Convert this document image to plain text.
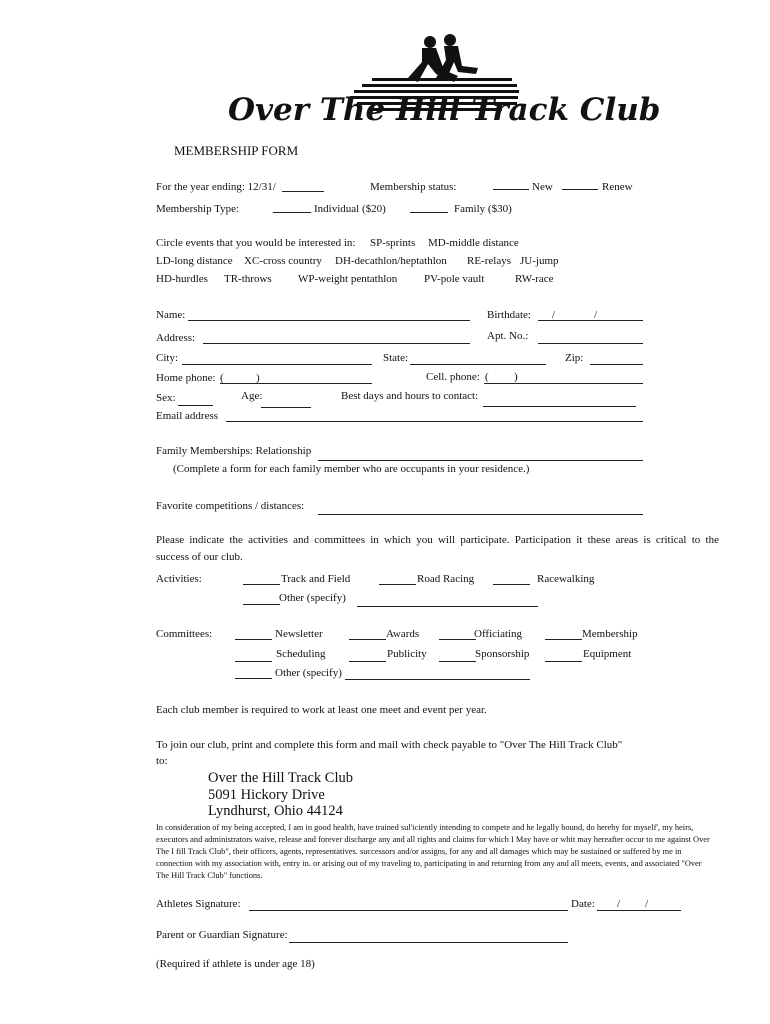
Over The Hill Track Club
MEMBERSHIP FORM
For the year ending: 12/31/	Membership status:	New	Renew
Membership Type:	Individual ($20)	Family ($30)
Circle events that you would be interested in: SP-sprints MD-middle distance
LD-long distance XC-cross country DH-decathlon/heptathlon RE-relays JU-jump
HD-hurdles TR-throws WP-weight pentathlon PV-pole vault	RW-race
Name:	Birthdate: /	/
Address:	Apt. No.:
City:	State:	Zip:
Home phone: (	)	Cell. phone: ( )
Sex:	Age:	Best days and hours to contact:
Email address
Family Memberships: Relationship
(Complete a form for each family member who are occupants in your residence.)
Favorite competitions / distances:
Please indicate the activities and committees in which you will participate. Participation it these areas is critical to the
success of our club.
Activities:	Track and Field	Road Racing	Racewalking
Other (specify)
Committees:	Newsletter	Awards	Officiating	Membership
Scheduling	Publicity	Sponsorship	Equipment
Other (specify)
Each club member is required to work at least one meet and event per year.
To join our club, print and complete this form and mail with check payable to "Over The Hill Track Club"
to:
Over the Hill Track Club
5091 Hickory Drive
Lyndhurst, Ohio 44124
In consideration of my being accepted, I am in good health, have trained sul'iciently intending to compete and he legally bound, do hereby for myself', my heirs, executors and administrators waive, release and forever discharge any and all rights and claims for which I May have or whit may hereafter occur to me against Over The I fill Track Club", their officers, agents, representatives. successors and/or assigns, for any and all damages which may be sustained or suffered by me in connection with my association with, entry in. or arising out of my traveling to, participating in and returning from any and all meets, events, and associated "Over The Hill Track Club" functions.
Athletes Signature:	Date: / /
Parent or Guardian Signature:
(Required if athlete is under age 18)
